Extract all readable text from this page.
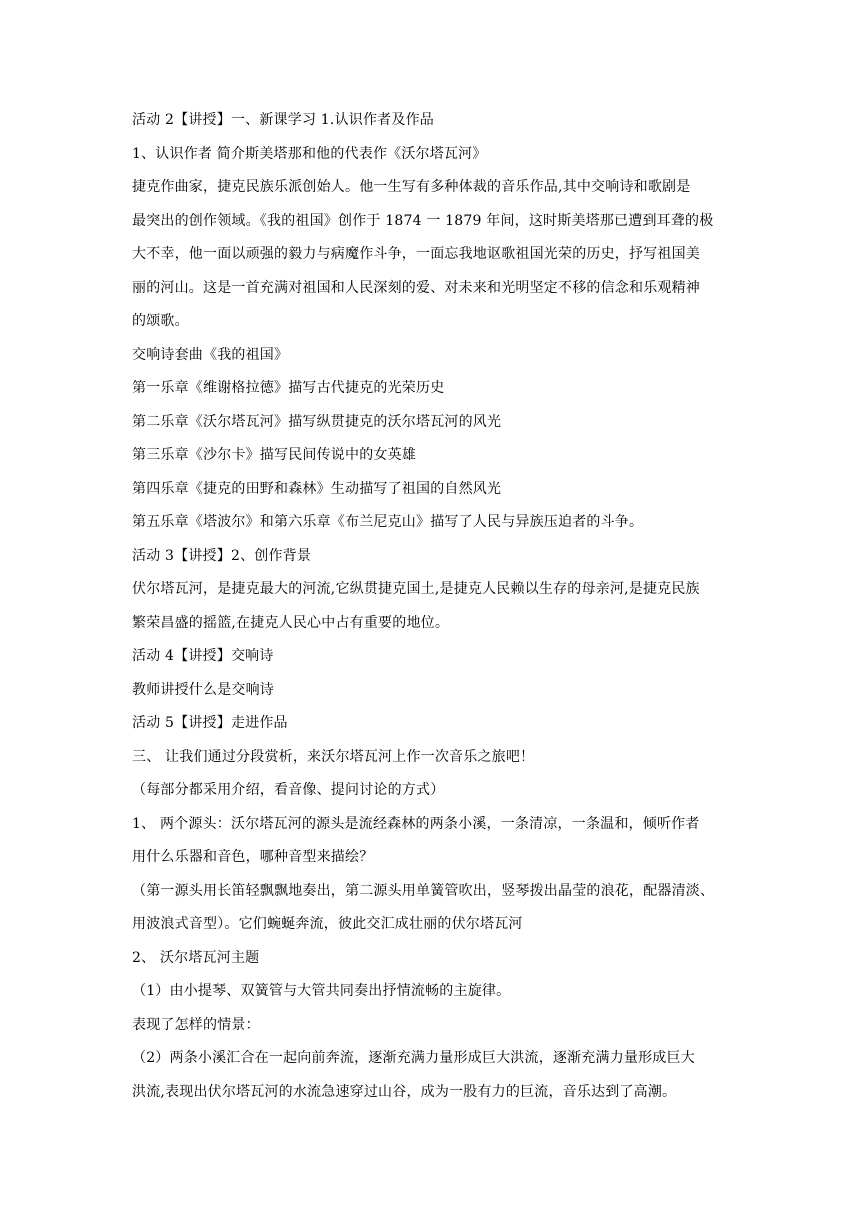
活动 2【讲授】一、新课学习 1.认识作者及作品
1、认识作者 简介斯美塔那和他的代表作《沃尔塔瓦河》
捷克作曲家，捷克民族乐派创始人。他一生写有多种体裁的音乐作品,其中交响诗和歌剧是
最突出的创作领域。《我的祖国》创作于 1874 一 1879 年间，这时斯美塔那已遭到耳聋的极
大不幸，他一面以顽强的毅力与病魔作斗争，一面忘我地讴歌祖国光荣的历史，抒写祖国美
丽的河山。这是一首充满对祖国和人民深刻的爱、对未来和光明坚定不移的信念和乐观精神
的颂歌。
交响诗套曲《我的祖国》
第一乐章《维谢格拉德》描写古代捷克的光荣历史
第二乐章《沃尔塔瓦河》描写纵贯捷克的沃尔塔瓦河的风光
第三乐章《沙尔卡》描写民间传说中的女英雄
第四乐章《捷克的田野和森林》生动描写了祖国的自然风光
第五乐章《塔波尔》和第六乐章《布兰尼克山》描写了人民与异族压迫者的斗争。
活动 3【讲授】2、创作背景
伏尔塔瓦河，是捷克最大的河流,它纵贯捷克国土,是捷克人民赖以生存的母亲河,是捷克民族
繁荣昌盛的摇篮,在捷克人民心中占有重要的地位。
活动 4【讲授】交响诗
教师讲授什么是交响诗
活动 5【讲授】走进作品
三、 让我们通过分段赏析，来沃尔塔瓦河上作一次音乐之旅吧！
（每部分都采用介绍，看音像、提问讨论的方式）
1、 两个源头：沃尔塔瓦河的源头是流经森林的两条小溪，一条清凉，一条温和，倾听作者
用什么乐器和音色，哪种音型来描绘？
（第一源头用长笛轻飘飘地奏出，第二源头用单簧管吹出，竖琴拨出晶莹的浪花，配器清淡、
用波浪式音型）。它们蜿蜒奔流，彼此交汇成壮丽的伏尔塔瓦河
2、 沃尔塔瓦河主题
（1）由小提琴、双簧管与大管共同奏出抒情流畅的主旋律。
表现了怎样的情景：
（2）两条小溪汇合在一起向前奔流，逐渐充满力量形成巨大洪流，逐渐充满力量形成巨大
洪流,表现出伏尔塔瓦河的水流急速穿过山谷，成为一股有力的巨流，音乐达到了高潮。
